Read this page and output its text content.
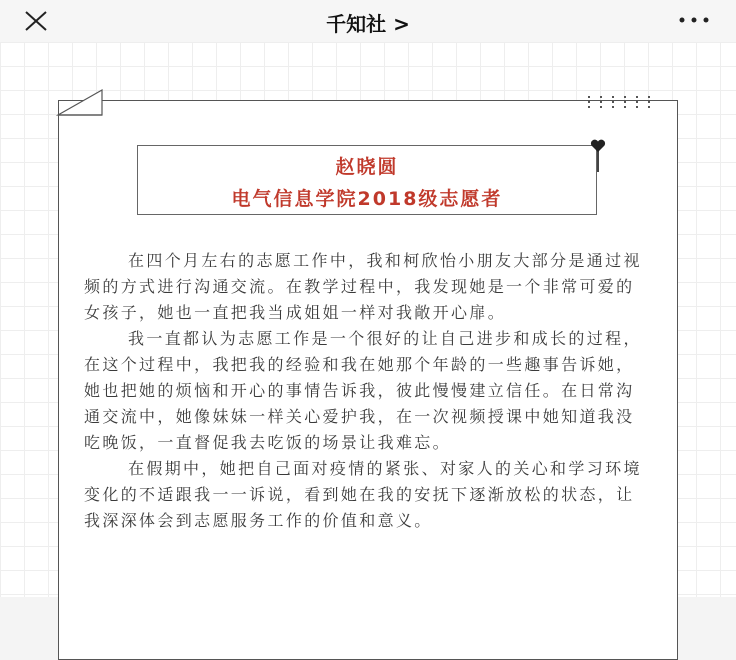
千知社 >
赵晓圆
电气信息学院2018级志愿者

在四个月左右的志愿工作中，我和柯欣怡小朋友大部分是通过视频的方式进行沟通交流。在教学过程中，我发现她是一个非常可爱的女孩子，她也一直把我当成姐姐一样对我敞开心扉。

我一直都认为志愿工作是一个很好的让自己进步和成长的过程，在这个过程中，我把我的经验和我在她那个年龄的一些趣事告诉她，她也把她的烦恼和开心的事情告诉我，彼此慢慢建立信任。在日常沟通交流中，她像妹妹一样关心爱护我，在一次视频授课中她知道我没吃晚饭，一直督促我去吃饭的场景让我难忘。

在假期中，她把自己面对疫情的紧张、对家人的关心和学习环境变化的不适跟我一一诉说，看到她在我的安抚下逐渐放松的状态，让我深深体会到志愿服务工作的价值和意义。
